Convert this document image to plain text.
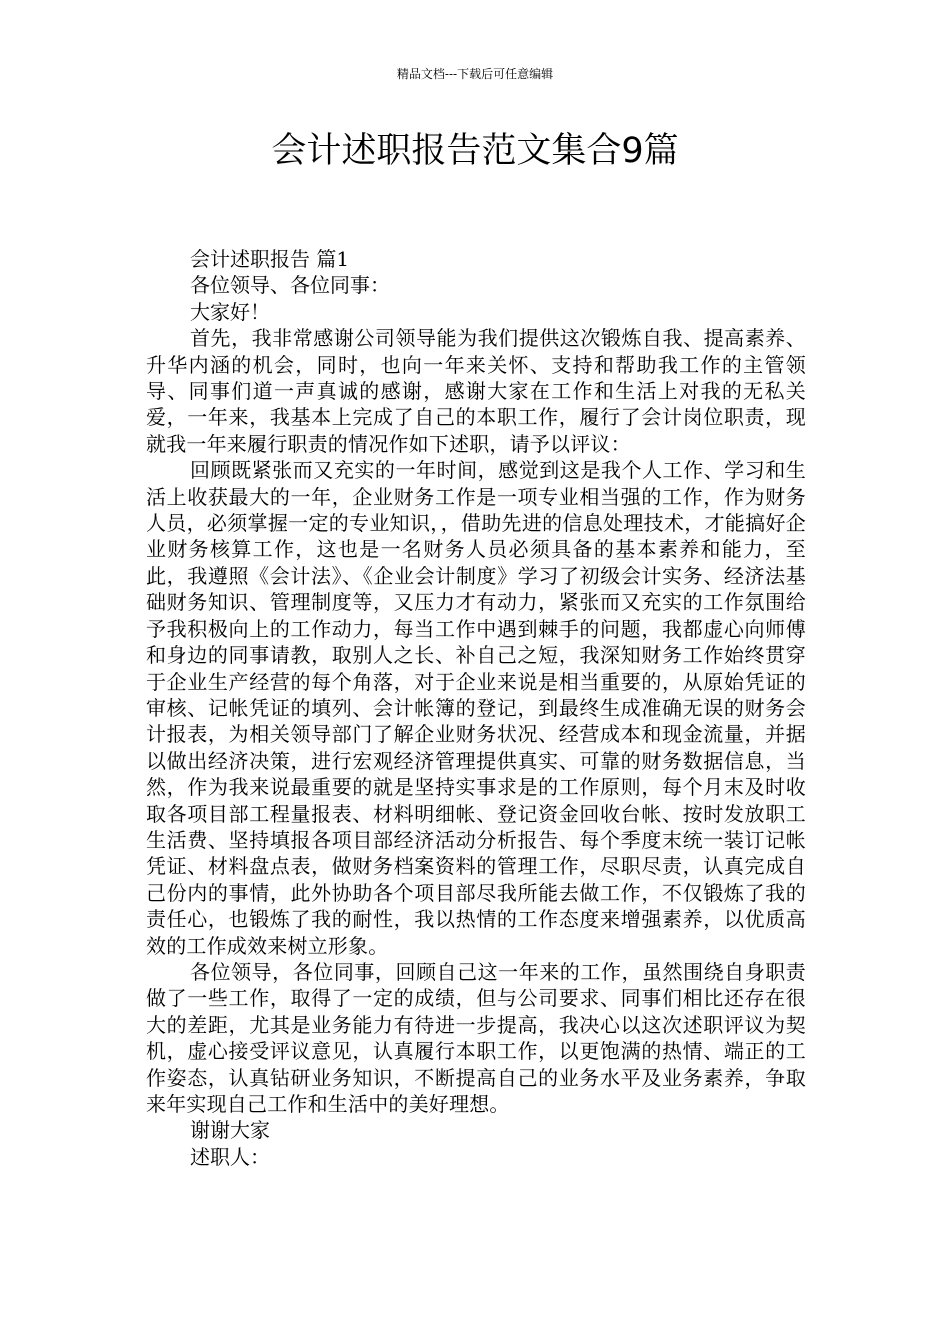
精品文档---下载后可任意编辑
会计述职报告范文集合9篇
会计述职报告 篇1
各位领导、各位同事：
大家好！

首先，我非常感谢公司领导能为我们提供这次锻炼自我、提高素养、升华内涵的机会，同时，也向一年来关怀、支持和帮助我工作的主管领导、同事们道一声真诚的感谢，感谢大家在工作和生活上对我的无私关爱，一年来，我基本上完成了自己的本职工作，履行了会计岗位职责，现就我一年来履行职责的情况作如下述职，请予以评议：

回顾既紧张而又充实的一年时间，感觉到这是我个人工作、学习和生活上收获最大的一年，企业财务工作是一项专业相当强的工作，作为财务人员，必须掌握一定的专业知识，，借助先进的信息处理技术，才能搞好企业财务核算工作，这也是一名财务人员必须具备的基本素养和能力，至此，我遵照《会计法》、《企业会计制度》学习了初级会计实务、经济法基础财务知识、管理制度等，又压力才有动力，紧张而又充实的工作氛围给予我积极向上的工作动力，每当工作中遇到棘手的问题，我都虚心向师傅和身边的同事请教，取别人之长、补自己之短，我深知财务工作始终贯穿于企业生产经营的每个角落，对于企业来说是相当重要的，从原始凭证的审核、记帐凭证的填列、会计帐簿的登记，到最终生成准确无误的财务会计报表，为相关领导部门了解企业财务状况、经营成本和现金流量，并据以做出经济决策，进行宏观经济管理提供真实、可靠的财务数据信息，当然，作为我来说最重要的就是坚持实事求是的工作原则，每个月末及时收取各项目部工程量报表、材料明细帐、登记资金回收台帐、按时发放职工生活费、坚持填报各项目部经济活动分析报告、每个季度末统一装订记帐凭证、材料盘点表，做财务档案资料的管理工作，尽职尽责，认真完成自己份内的事情，此外协助各个项目部尽我所能去做工作，不仅锻炼了我的责任心，也锻炼了我的耐性，我以热情的工作态度来增强素养，以优质高效的工作成效来树立形象。

各位领导，各位同事，回顾自己这一年来的工作，虽然围绕自身职责做了一些工作，取得了一定的成绩，但与公司要求、同事们相比还存在很大的差距，尤其是业务能力有待进一步提高，我决心以这次述职评议为契机，虚心接受评议意见，认真履行本职工作，以更饱满的热情、端正的工作姿态，认真钻研业务知识，不断提高自己的业务水平及业务素养，争取来年实现自己工作和生活中的美好理想。

谢谢大家
述职人：
